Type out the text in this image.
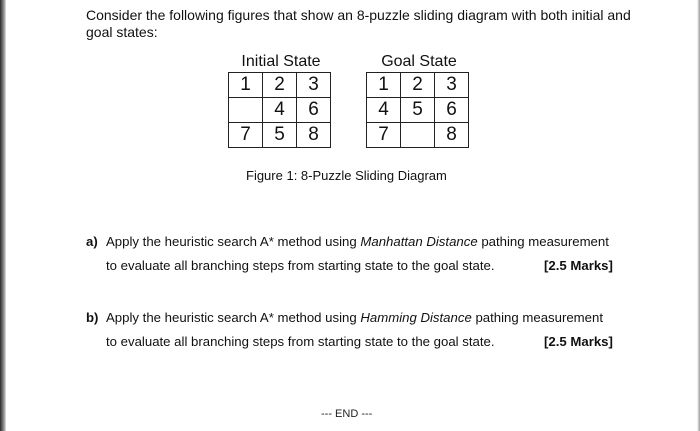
Consider the following figures that show an 8-puzzle sliding diagram with both initial and
goal states:
Initial State
1	2	3
	4	6
7	5	8
Goal State
1	2	3
4	5	6
7		8
Figure 1: 8-Puzzle Sliding Diagram
a) Apply the heuristic search A* method using Manhattan Distance pathing measurement
to evaluate all branching steps from starting state to the goal state.	[2.5 Marks]
b) Apply the heuristic search A* method using Hamming Distance pathing measurement
to evaluate all branching steps from starting state to the goal state.	[2.5 Marks]
--- END ---
